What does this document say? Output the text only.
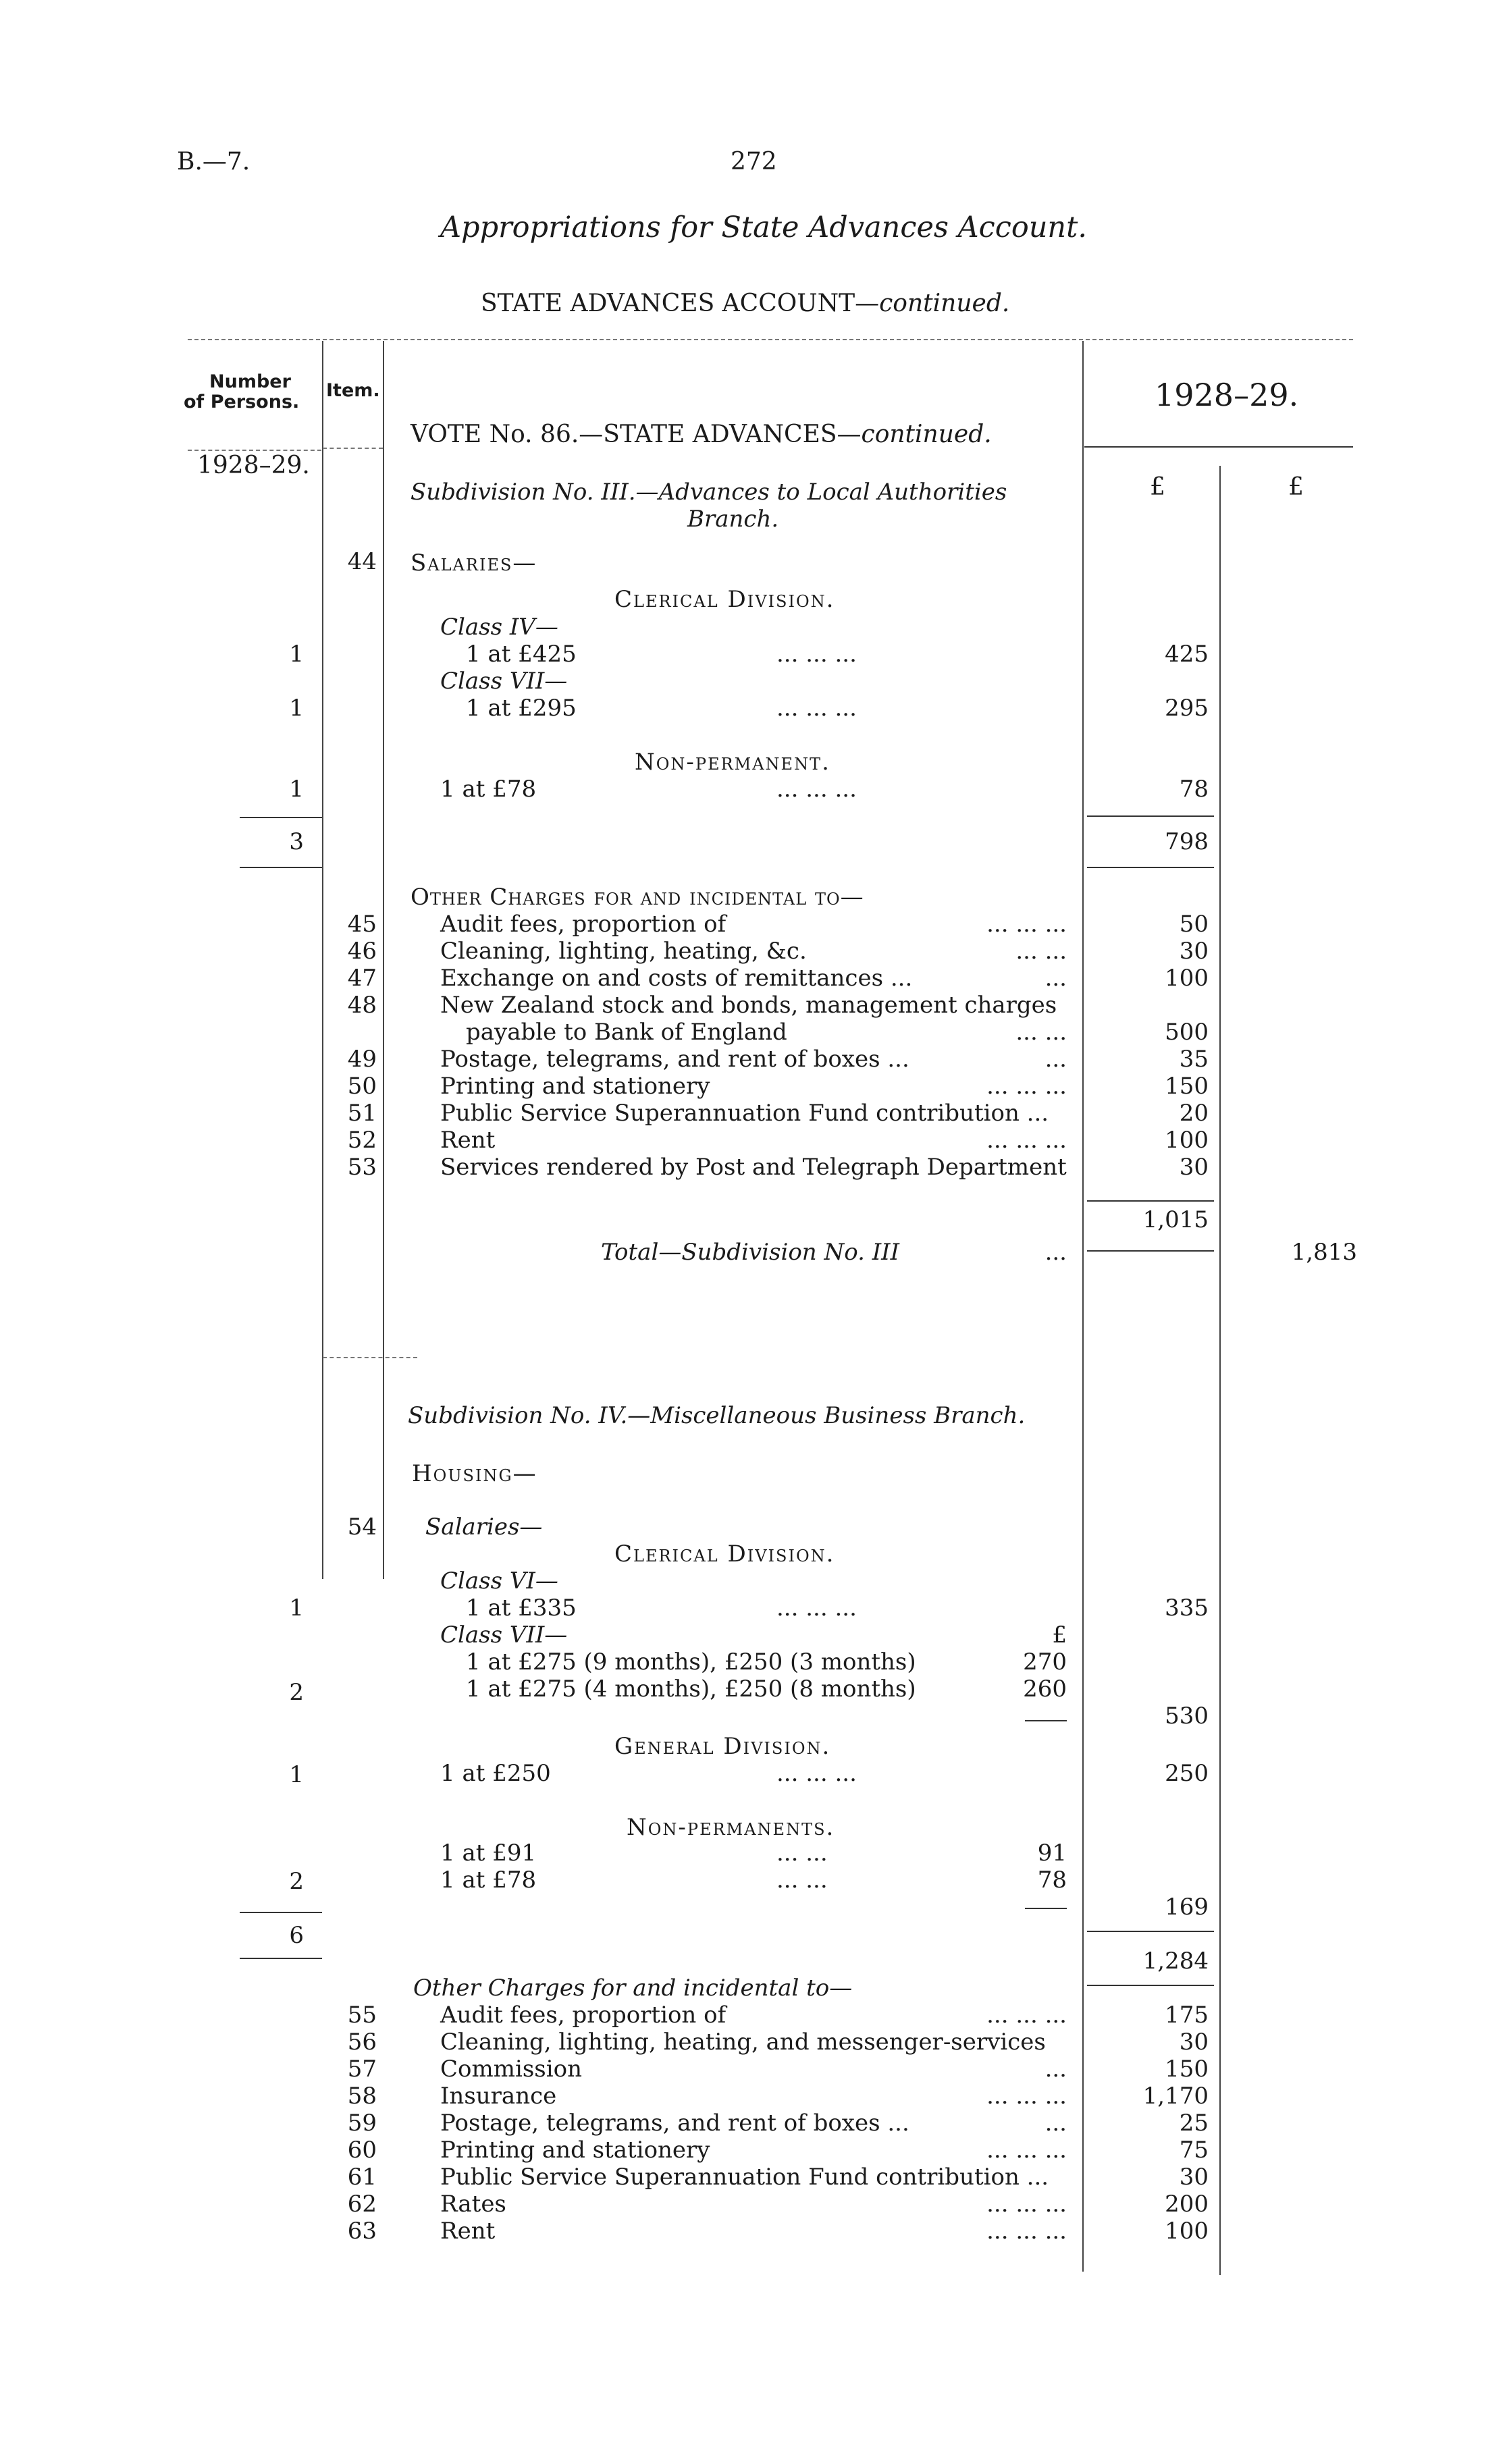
B.—7.	272
Appropriations for State Advances Account.
STATE ADVANCES ACCOUNT—continued.
Number
of Persons.
Item.	1928–29.
1928–29.
VOTE No. 86.—STATE ADVANCES—continued.
£	£
Subdivision No. III.—Advances to Local Authorities
Branch.
44 Salaries—
Clerical Division.
Class IV—
1	1 at £425	... ... ...	425
Class VII—
1	1 at £295	... ... ...	295
Non-permanent.
1	1 at £78	... ... ...	78
3	798
Other Charges for and incidental to—
45	Audit fees, proportion of	... ... ...	50
46	Cleaning, lighting, heating, &c.	... ...	30
47	Exchange on and costs of remittances ...	...	100
48	New Zealand stock and bonds, management charges
payable to Bank of England	... ...	500
49	Postage, telegrams, and rent of boxes ...	...	35
50	Printing and stationery	... ... ...	150
51	Public Service Superannuation Fund contribution ...	20
52	Rent	... ... ...	100
53	Services rendered by Post and Telegraph Department	30
1,015
Total—Subdivision No. III	...	1,813
Subdivision No. IV.—Miscellaneous Business Branch.
Housing—
54 Salaries—
Clerical Division.
Class VI—
1	1 at £335	... ... ...	335
Class VII—	£
1 at £275 (9 months), £250 (3 months)	270
2	1 at £275 (4 months), £250 (8 months)	260
530
General Division.
1	1 at £250	... ... ...	250
Non-permanents.
1 at £91	... ...	91
2	1 at £78	... ...	78
169
6
1,284
Other Charges for and incidental to—
55	Audit fees, proportion of	... ... ...	175
56	Cleaning, lighting, heating, and messenger-services	30
57	Commission	...	150
58	Insurance	... ... ...	1,170
59	Postage, telegrams, and rent of boxes ...	...	25
60	Printing and stationery	... ... ...	75
61	Public Service Superannuation Fund contribution ...	30
62	Rates	... ... ...	200
63	Rent	... ... ...	100
